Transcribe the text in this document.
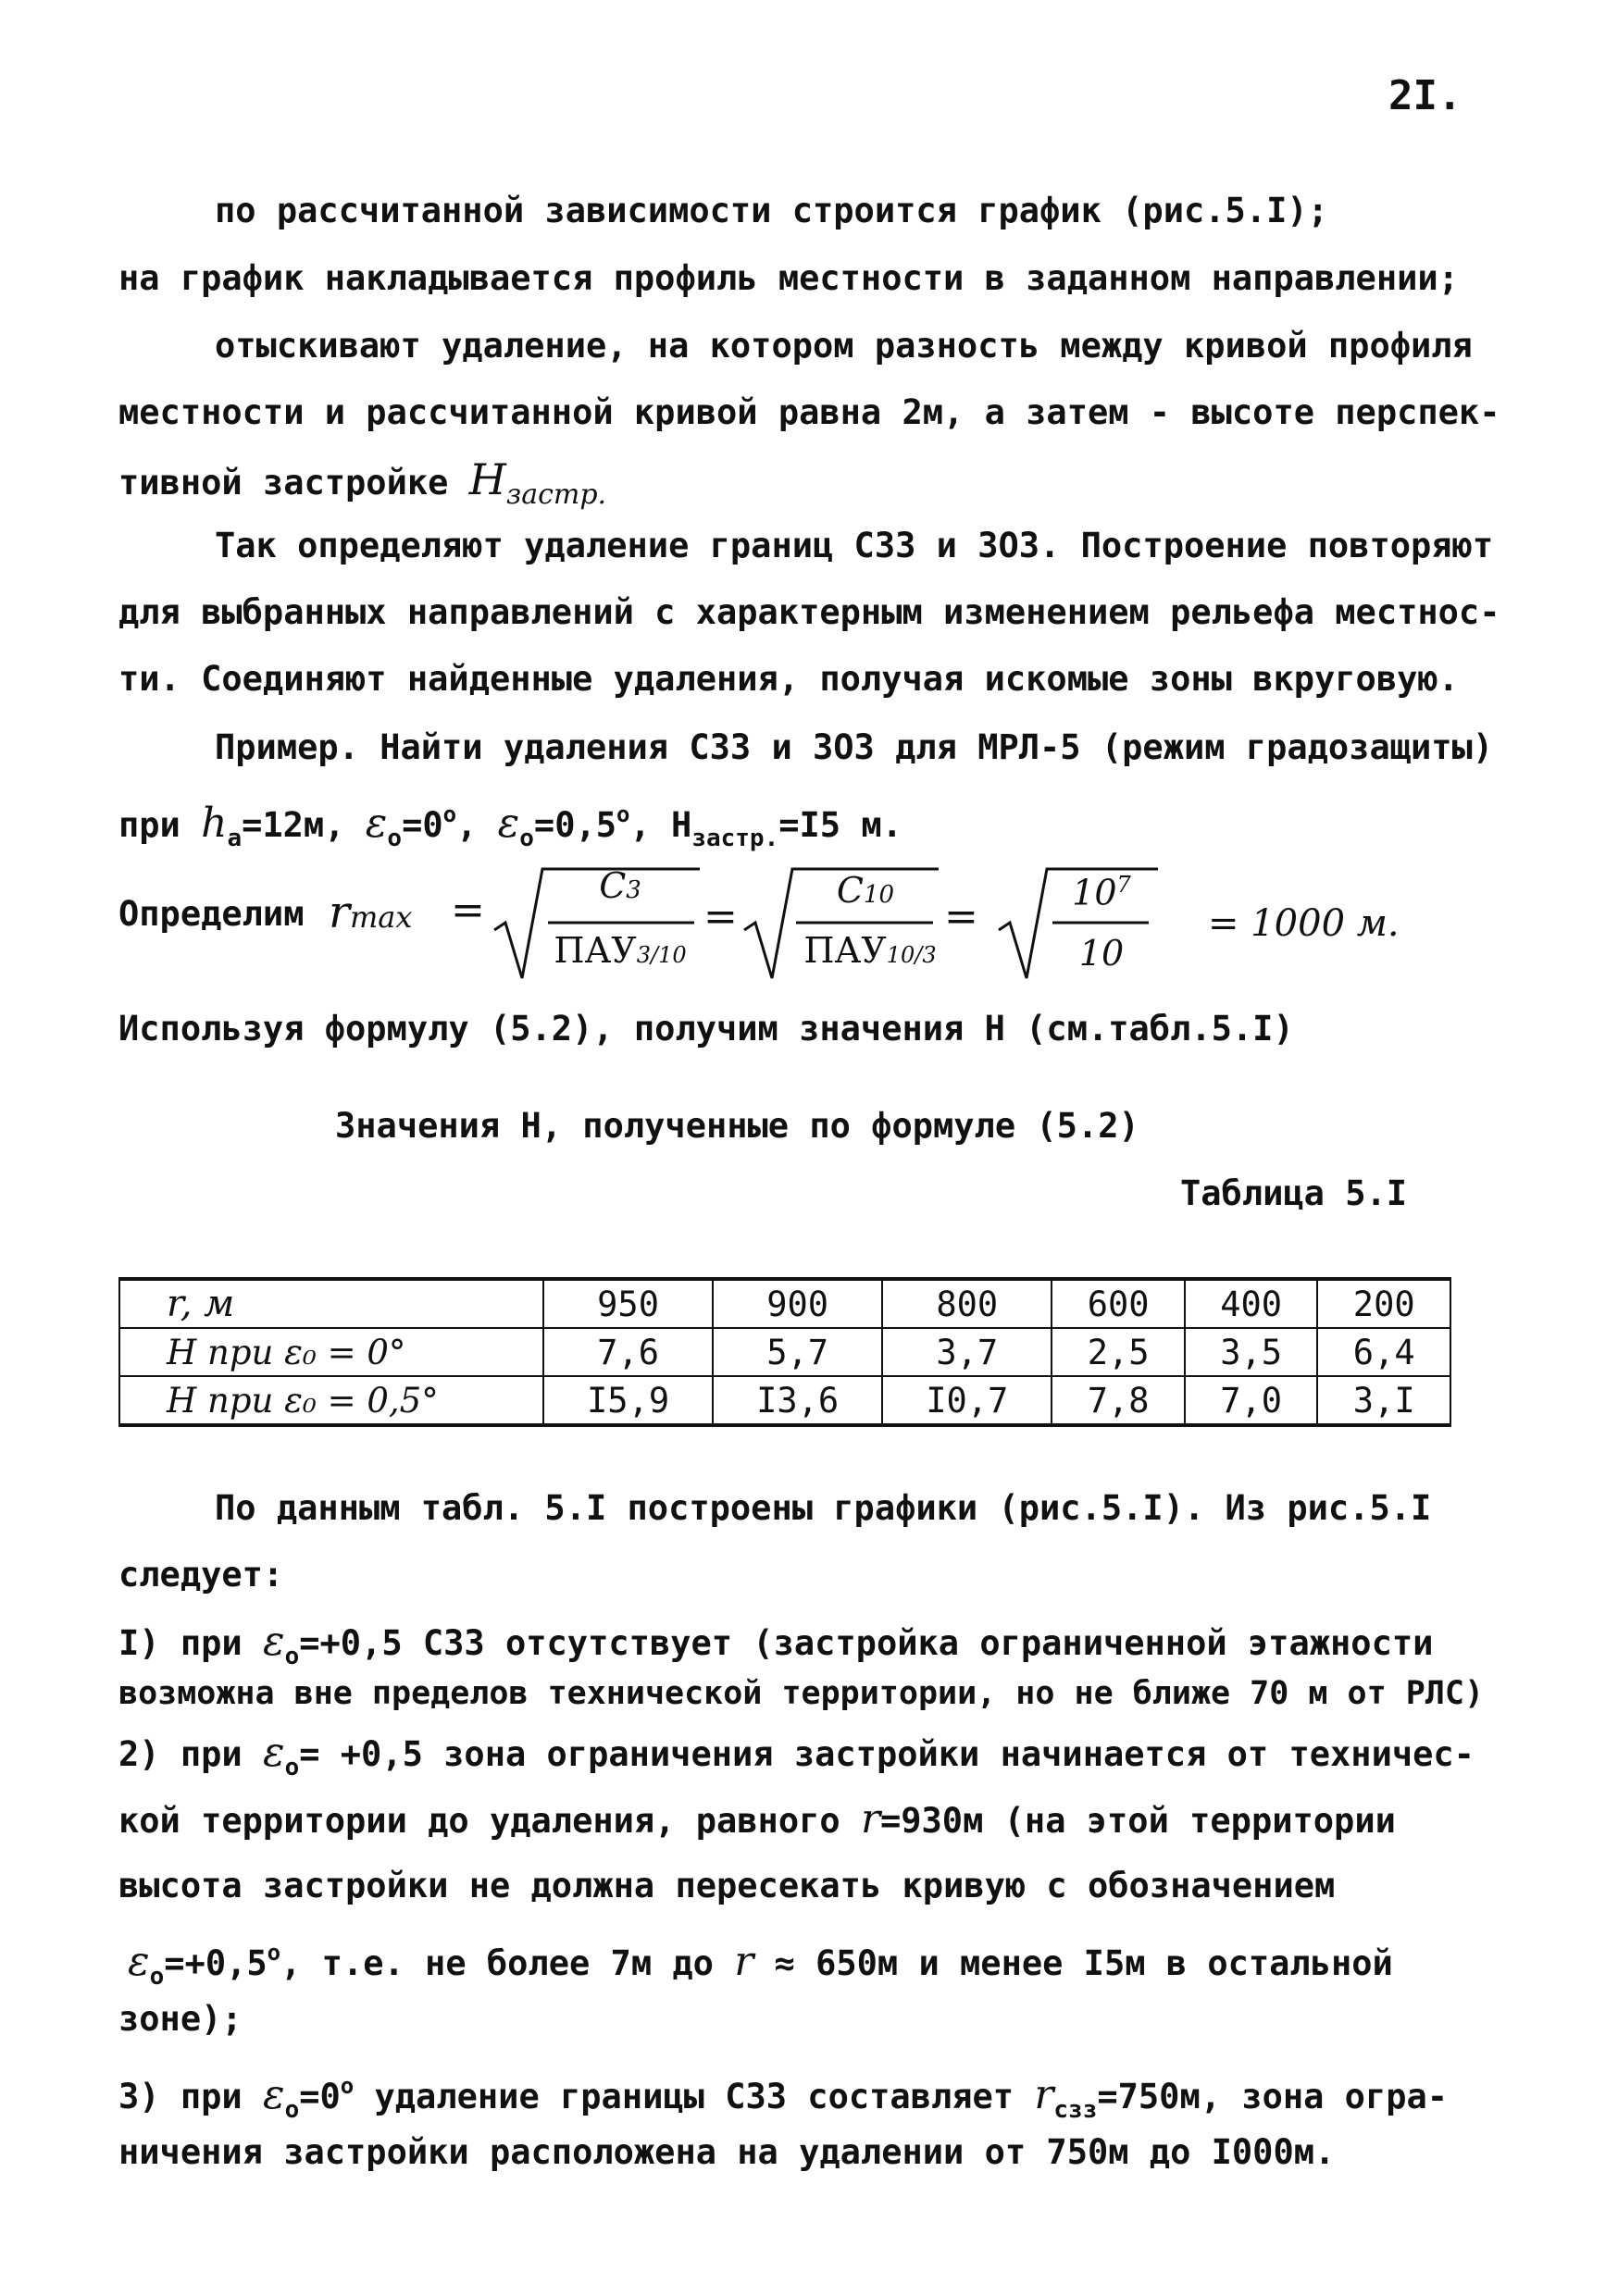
2I.
по рассчитанной зависимости строится график (рис.5.I);
на график накладывается профиль местности в заданном направлении;
отыскивают удаление, на котором разность между кривой профиля
местности и рассчитанной кривой равна 2м, а затем - высоте перспек-
тивной застройке $Н_{застр.}$
Так определяют удаление границ СЗЗ и ЗОЗ. Построение повторяют
для выбранных направлений с характерным изменением рельефа местнос-
ти. Соединяют найденные удаления, получая искомые зоны вкруговую.
Пример. Найти удаления СЗЗ и ЗОЗ для МРЛ-5 (режим градозащиты)
при $h_a=12м$, $\varepsilon_o=0^o$, $\varepsilon_o=0,5^o$, $Н_{застр.}=I5$ м.
Определим rmax =
C3
ПАУ3/10
=
C10
ПАУ10/3
=
$10^7$
10
= 1000 м.
Используя формулу (5.2), получим значения Н (см.табл.5.I)
Значения Н, полученные по формуле (5.2)
Таблица 5.I
r, м	950	900	800	600	400	200
H при ε₀ = 0°	7,6	5,7	3,7	2,5	3,5	6,4
H при ε₀ = 0,5°	I5,9	I3,6	I0,7	7,8	7,0	3,I
По данным табл. 5.I построены графики (рис.5.I). Из рис.5.I
следует:
I) при $\varepsilon_o=+0,5$ СЗЗ отсутствует (застройка ограниченной этажности
возможна вне пределов технической территории, но не ближе 70 м от РЛС)
2) при $\varepsilon_o= +0,5$ зона ограничения застройки начинается от техничес-
кой территории до удаления, равного r=930м (на этой территории
высота застройки не должна пересекать кривую с обозначением
$\varepsilon_o=+0,5^o$, т.е. не более 7м до r ≈ 650м и менее I5м в остальной
зоне);
3) при $\varepsilon_o=0^o$ удаление границы СЗЗ составляет $r_{сзз}=750м$, зона огра-
ничения застройки расположена на удалении от 750м до I000м.
